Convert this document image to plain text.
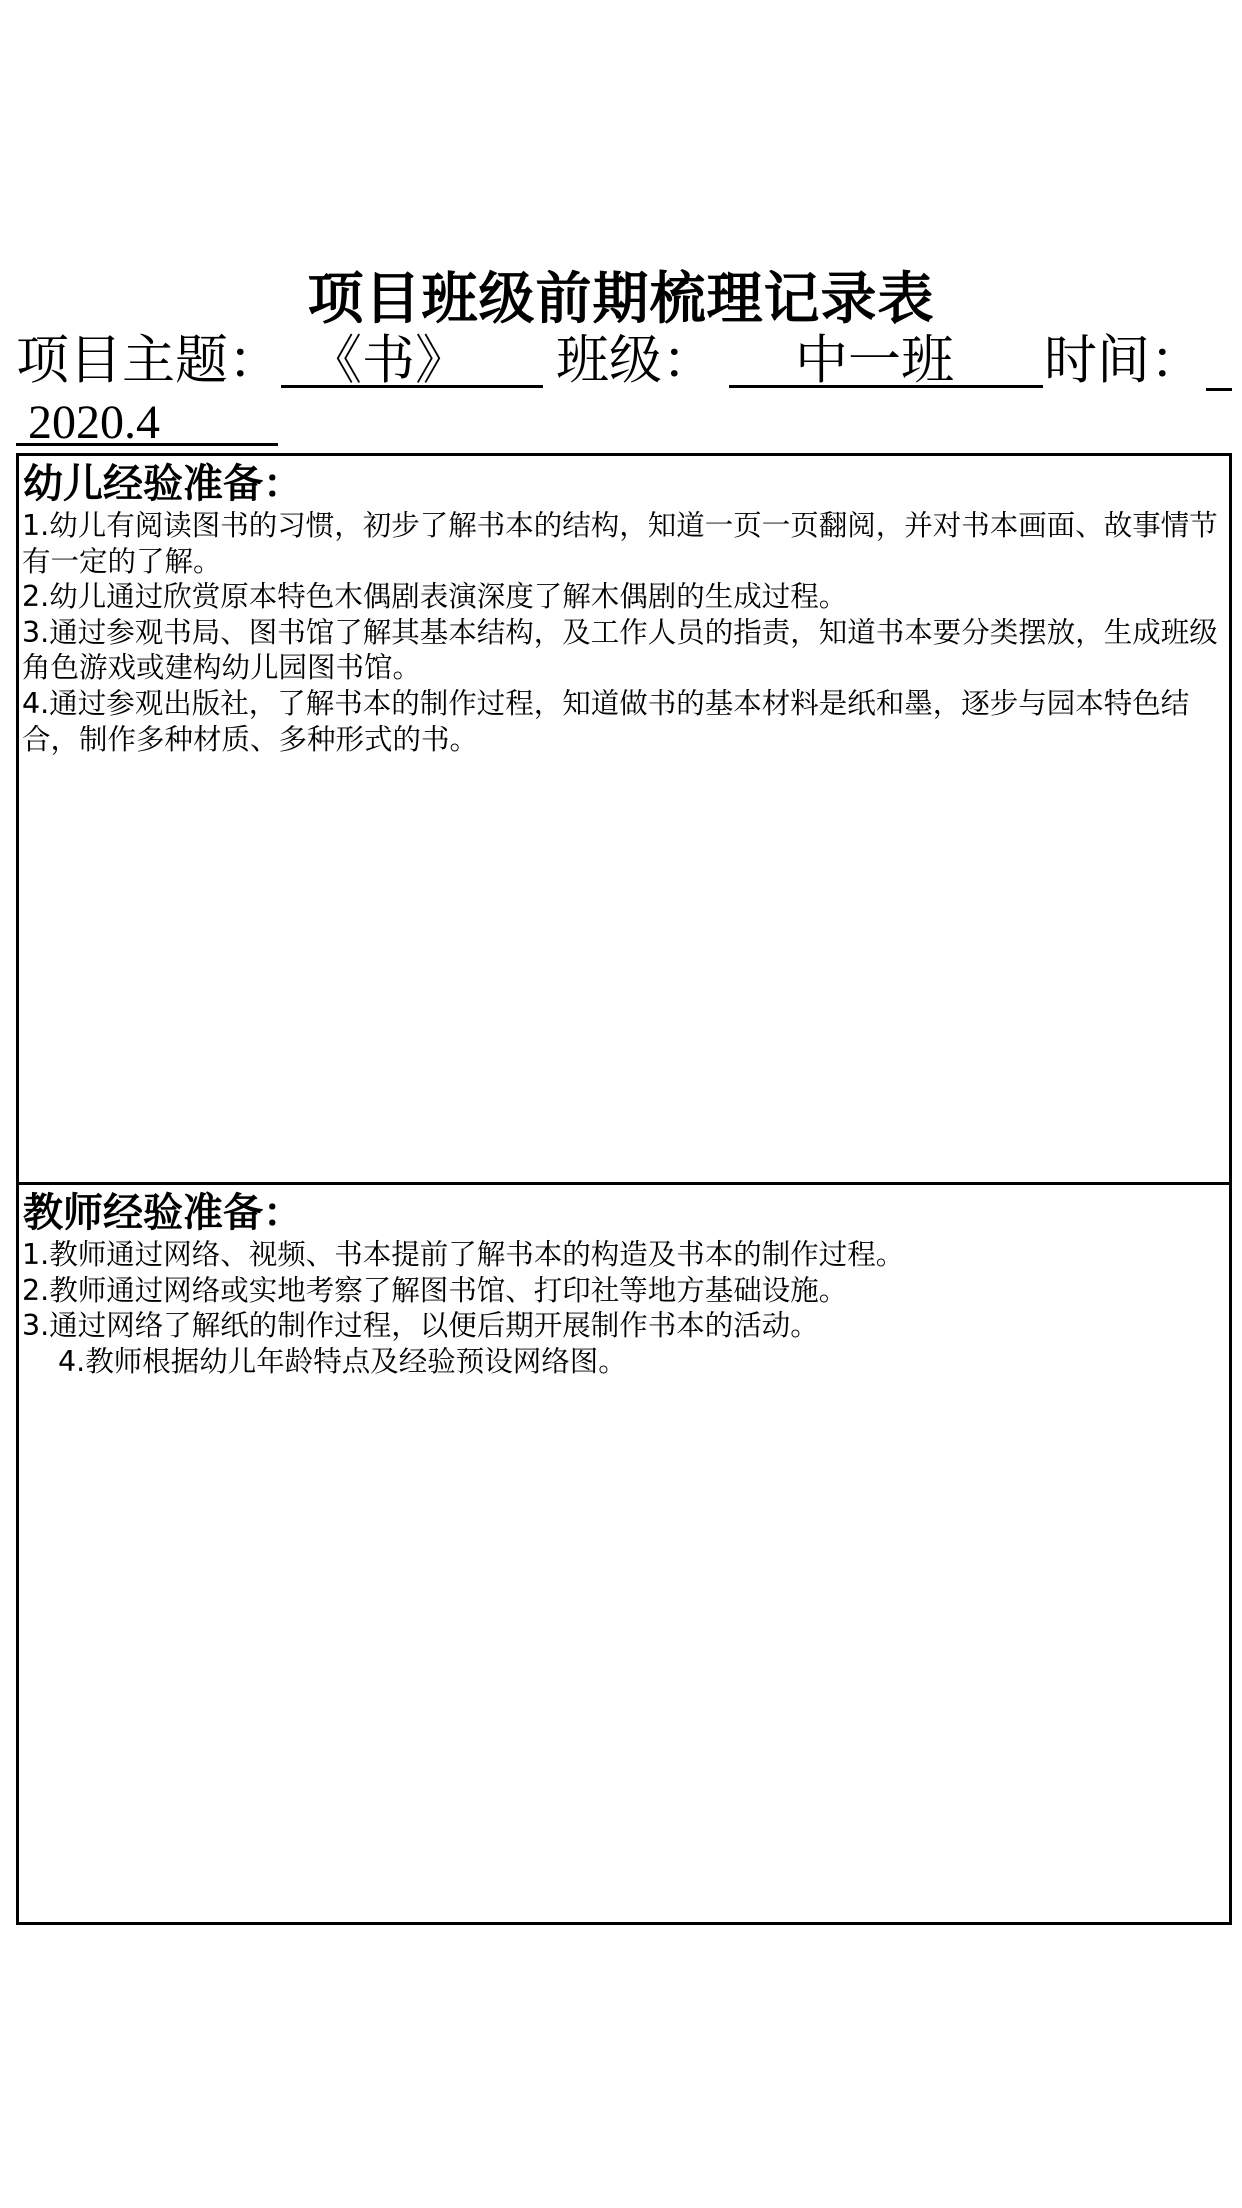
项目班级前期梳理记录表
项目主题： 《书》	班级：	中一班	时间：
2020.4
幼儿经验准备：

1.幼儿有阅读图书的习惯，初步了解书本的结构，知道一页一页翻阅，并对书本画面、故事情节有一定的了解。

2.幼儿通过欣赏原本特色木偶剧表演深度了解木偶剧的生成过程。

3.通过参观书局、图书馆了解其基本结构，及工作人员的指责，知道书本要分类摆放，生成班级角色游戏或建构幼儿园图书馆。

4.通过参观出版社，了解书本的制作过程，知道做书的基本材料是纸和墨，逐步与园本特色结合，制作多种材质、多种形式的书。

教师经验准备：

1.教师通过网络、视频、书本提前了解书本的构造及书本的制作过程。

2.教师通过网络或实地考察了解图书馆、打印社等地方基础设施。

3.通过网络了解纸的制作过程，以便后期开展制作书本的活动。

4.教师根据幼儿年龄特点及经验预设网络图。
